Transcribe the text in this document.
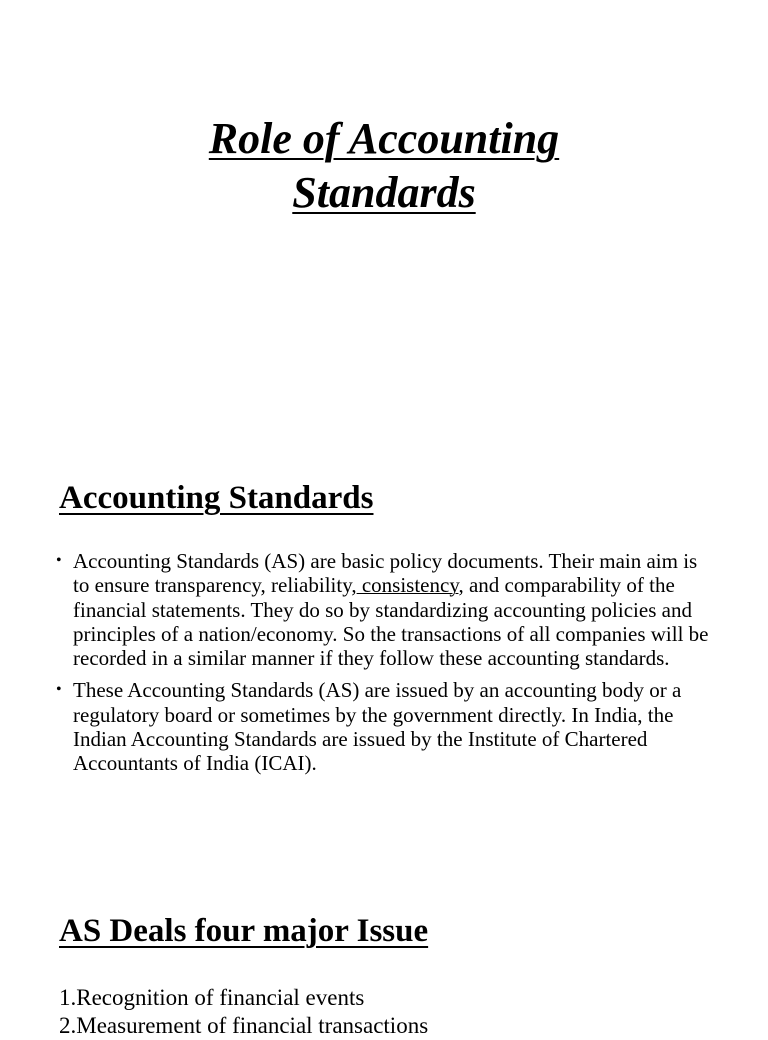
Role of Accounting
Standards
Accounting Standards
• Accounting Standards (AS) are basic policy documents. Their main aim is to ensure transparency, reliability, consistency, and comparability of the financial statements. They do so by standardizing accounting policies and principles of a nation/economy. So the transactions of all companies will be recorded in a similar manner if they follow these accounting standards.
• These Accounting Standards (AS) are issued by an accounting body or a regulatory board or sometimes by the government directly. In India, the Indian Accounting Standards are issued by the Institute of Chartered Accountants of India (ICAI).
AS Deals four major Issue
1.Recognition of financial events
2.Measurement of financial transactions
